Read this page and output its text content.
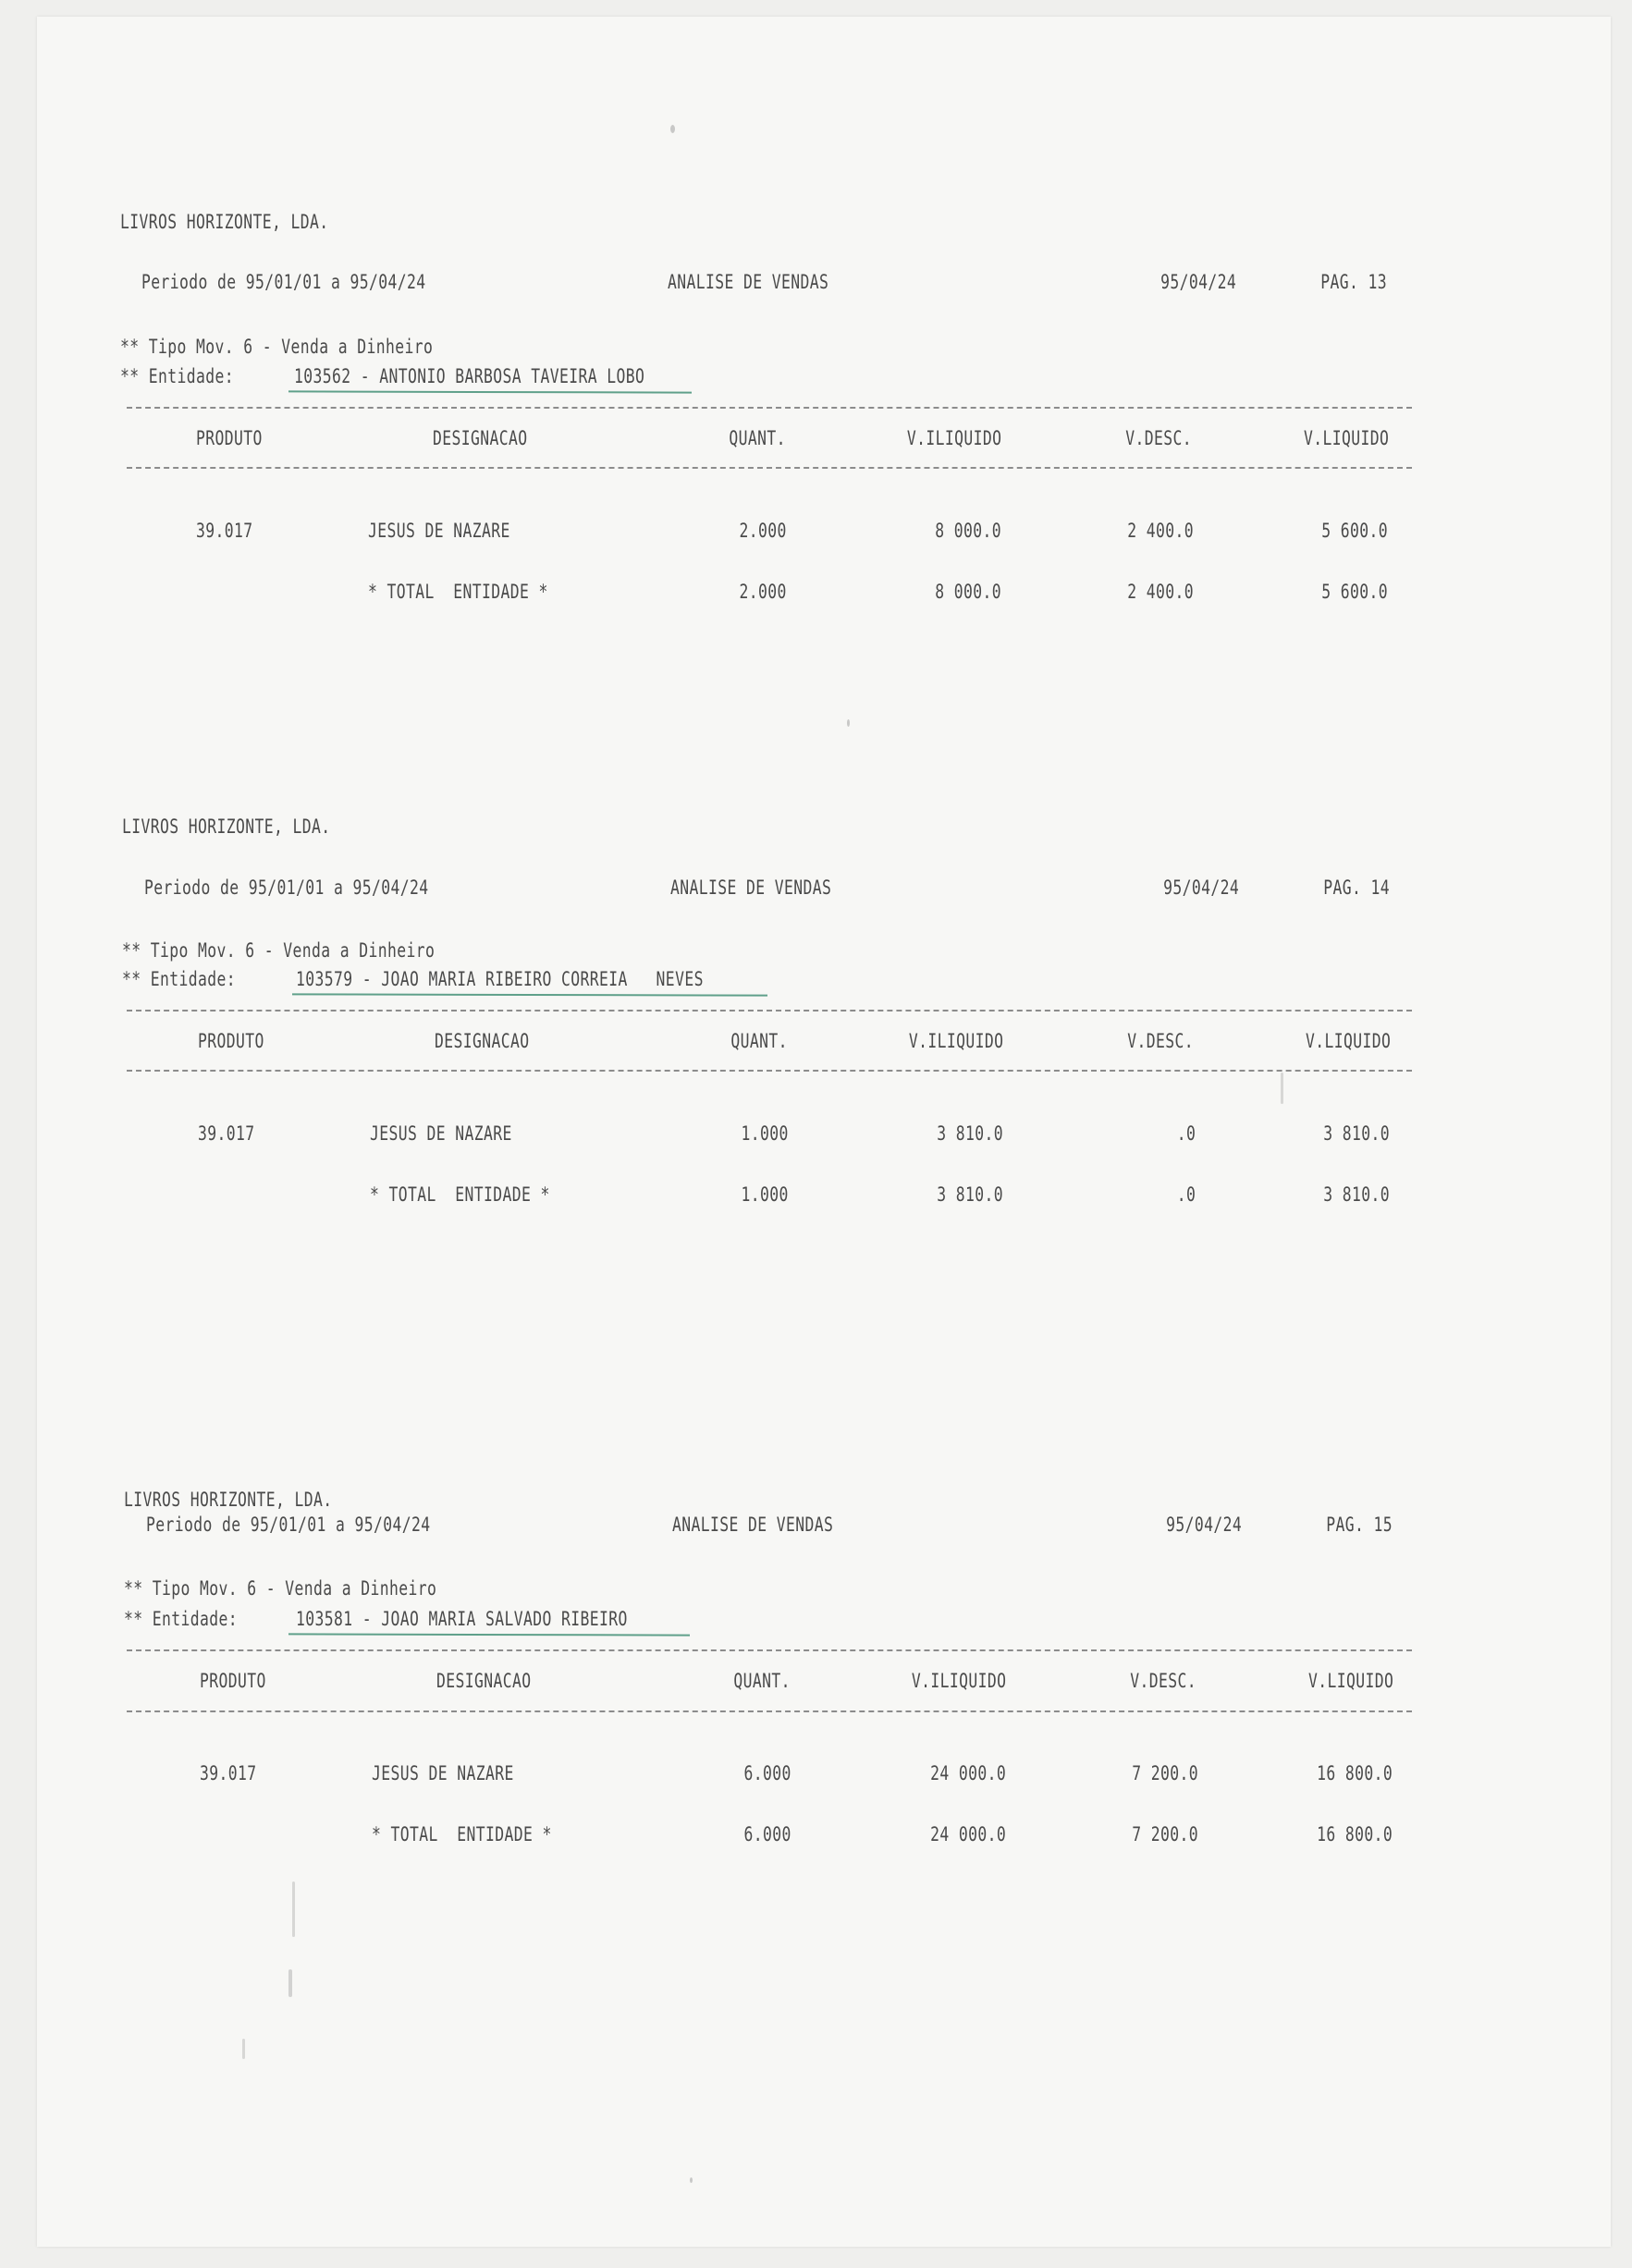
LIVROS HORIZONTE, LDA.
Periodo de 95/01/01 a 95/04/24	ANALISE DE VENDAS	95/04/24	PAG. 13
** Tipo Mov. 6 - Venda a Dinheiro
** Entidade:	103562 - ANTONIO BARBOSA TAVEIRA LOBO
PRODUTO	DESIGNACAO	QUANT.	V.ILIQUIDO	V.DESC.	V.LIQUIDO
39.017	JESUS DE NAZARE	2.000	8 000.0	2 400.0	5 600.0
* TOTAL  ENTIDADE *	2.000	8 000.0	2 400.0	5 600.0
LIVROS HORIZONTE, LDA.
Periodo de 95/01/01 a 95/04/24	ANALISE DE VENDAS	95/04/24	PAG. 14
** Tipo Mov. 6 - Venda a Dinheiro
** Entidade:	103579 - JOAO MARIA RIBEIRO CORREIA   NEVES
PRODUTO	DESIGNACAO	QUANT.	V.ILIQUIDO	V.DESC.	V.LIQUIDO
39.017	JESUS DE NAZARE	1.000	3 810.0	.0	3 810.0
* TOTAL  ENTIDADE *	1.000	3 810.0	.0	3 810.0
LIVROS HORIZONTE, LDA.
Periodo de 95/01/01 a 95/04/24	ANALISE DE VENDAS	95/04/24	PAG. 15
** Tipo Mov. 6 - Venda a Dinheiro
** Entidade:	103581 - JOAO MARIA SALVADO RIBEIRO
PRODUTO	DESIGNACAO	QUANT.	V.ILIQUIDO	V.DESC.	V.LIQUIDO
39.017	JESUS DE NAZARE	6.000	24 000.0	7 200.0	16 800.0
* TOTAL  ENTIDADE *	6.000	24 000.0	7 200.0	16 800.0
